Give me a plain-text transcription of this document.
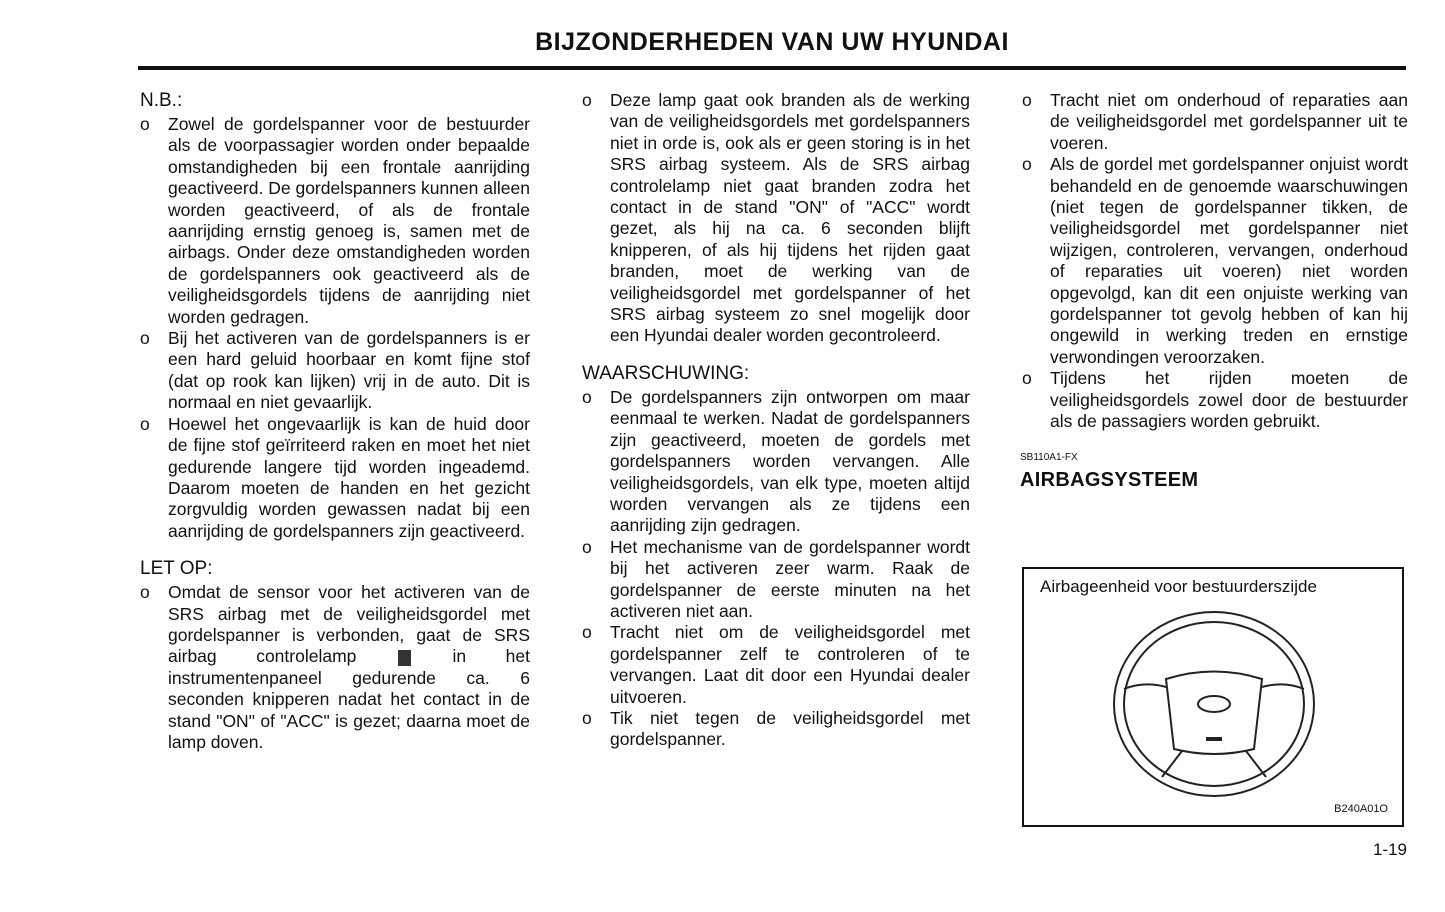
BIJZONDERHEDEN VAN UW HYUNDAI
N.B.:
o	Zowel de gordelspanner voor de bestuurder als de voorpassagier worden onder bepaalde omstandigheden bij een frontale aanrijding geactiveerd. De gordelspanners kunnen alleen worden geactiveerd, of als de frontale aanrijding ernstig genoeg is, samen met de airbags. Onder deze omstandigheden worden de gordelspanners ook geactiveerd als de veiligheidsgordels tijdens de aanrijding niet worden gedragen.
o	Bij het activeren van de gordelspanners is er een hard geluid hoorbaar en komt fijne stof (dat op rook kan lijken) vrij in de auto. Dit is normaal en niet gevaarlijk.
o	Hoewel het ongevaarlijk is kan de huid door de fijne stof geïrriteerd raken en moet het niet gedurende langere tijd worden ingeademd. Daarom moeten de handen en het gezicht zorgvuldig worden gewassen nadat bij een aanrijding de gordelspanners zijn geactiveerd.
LET OP:
o	Omdat de sensor voor het activeren van de SRS airbag met de veiligheidsgordel met gordelspanner is verbonden, gaat de SRS airbag controlelamp	in het instrumentenpaneel gedurende ca. 6 seconden knipperen nadat het contact in de stand "ON" of "ACC" is gezet; daarna moet de lamp doven.
o	Deze lamp gaat ook branden als de werking van de veiligheidsgordels met gordelspanners niet in orde is, ook als er geen storing is in het SRS airbag systeem. Als de SRS airbag controlelamp niet gaat branden zodra het contact in de stand "ON" of "ACC" wordt gezet, als hij na ca. 6 seconden blijft knipperen, of als hij tijdens het rijden gaat branden, moet de werking van de veiligheidsgordel met gordelspanner of het SRS airbag systeem zo snel mogelijk door een Hyundai dealer worden gecontroleerd.
WAARSCHUWING:
o	De gordelspanners zijn ontworpen om maar eenmaal te werken. Nadat de gordelspanners zijn geactiveerd, moeten de gordels met gordelspanners worden vervangen. Alle veiligheidsgordels, van elk type, moeten altijd worden vervangen als ze tijdens een aanrijding zijn gedragen.
o	Het mechanisme van de gordelspanner wordt bij het activeren zeer warm. Raak de gordelspanner de eerste minuten na het activeren niet aan.
o	Tracht niet om de veiligheidsgordel met gordelspanner zelf te controleren of te vervangen. Laat dit door een Hyundai dealer uitvoeren.
o	Tik niet tegen de veiligheidsgordel met gordelspanner.
o	Tracht niet om onderhoud of reparaties aan de veiligheidsgordel met gordelspanner uit te voeren.
o	Als de gordel met gordelspanner onjuist wordt behandeld en de genoemde waarschuwingen (niet tegen de gordelspanner tikken, de veiligheidsgordel met gordelspanner niet wijzigen, controleren, vervangen, onderhoud of reparaties uit voeren) niet worden opgevolgd, kan dit een onjuiste werking van gordelspanner tot gevolg hebben of kan hij ongewild in werking treden en ernstige verwondingen veroorzaken.
o	Tijdens het rijden moeten de veiligheidsgordels zowel door de bestuurder als de passagiers worden gebruikt.
SB110A1-FX
AIRBAGSYSTEEM
Airbageenheid voor bestuurderszijde
B240A01O
1-19
